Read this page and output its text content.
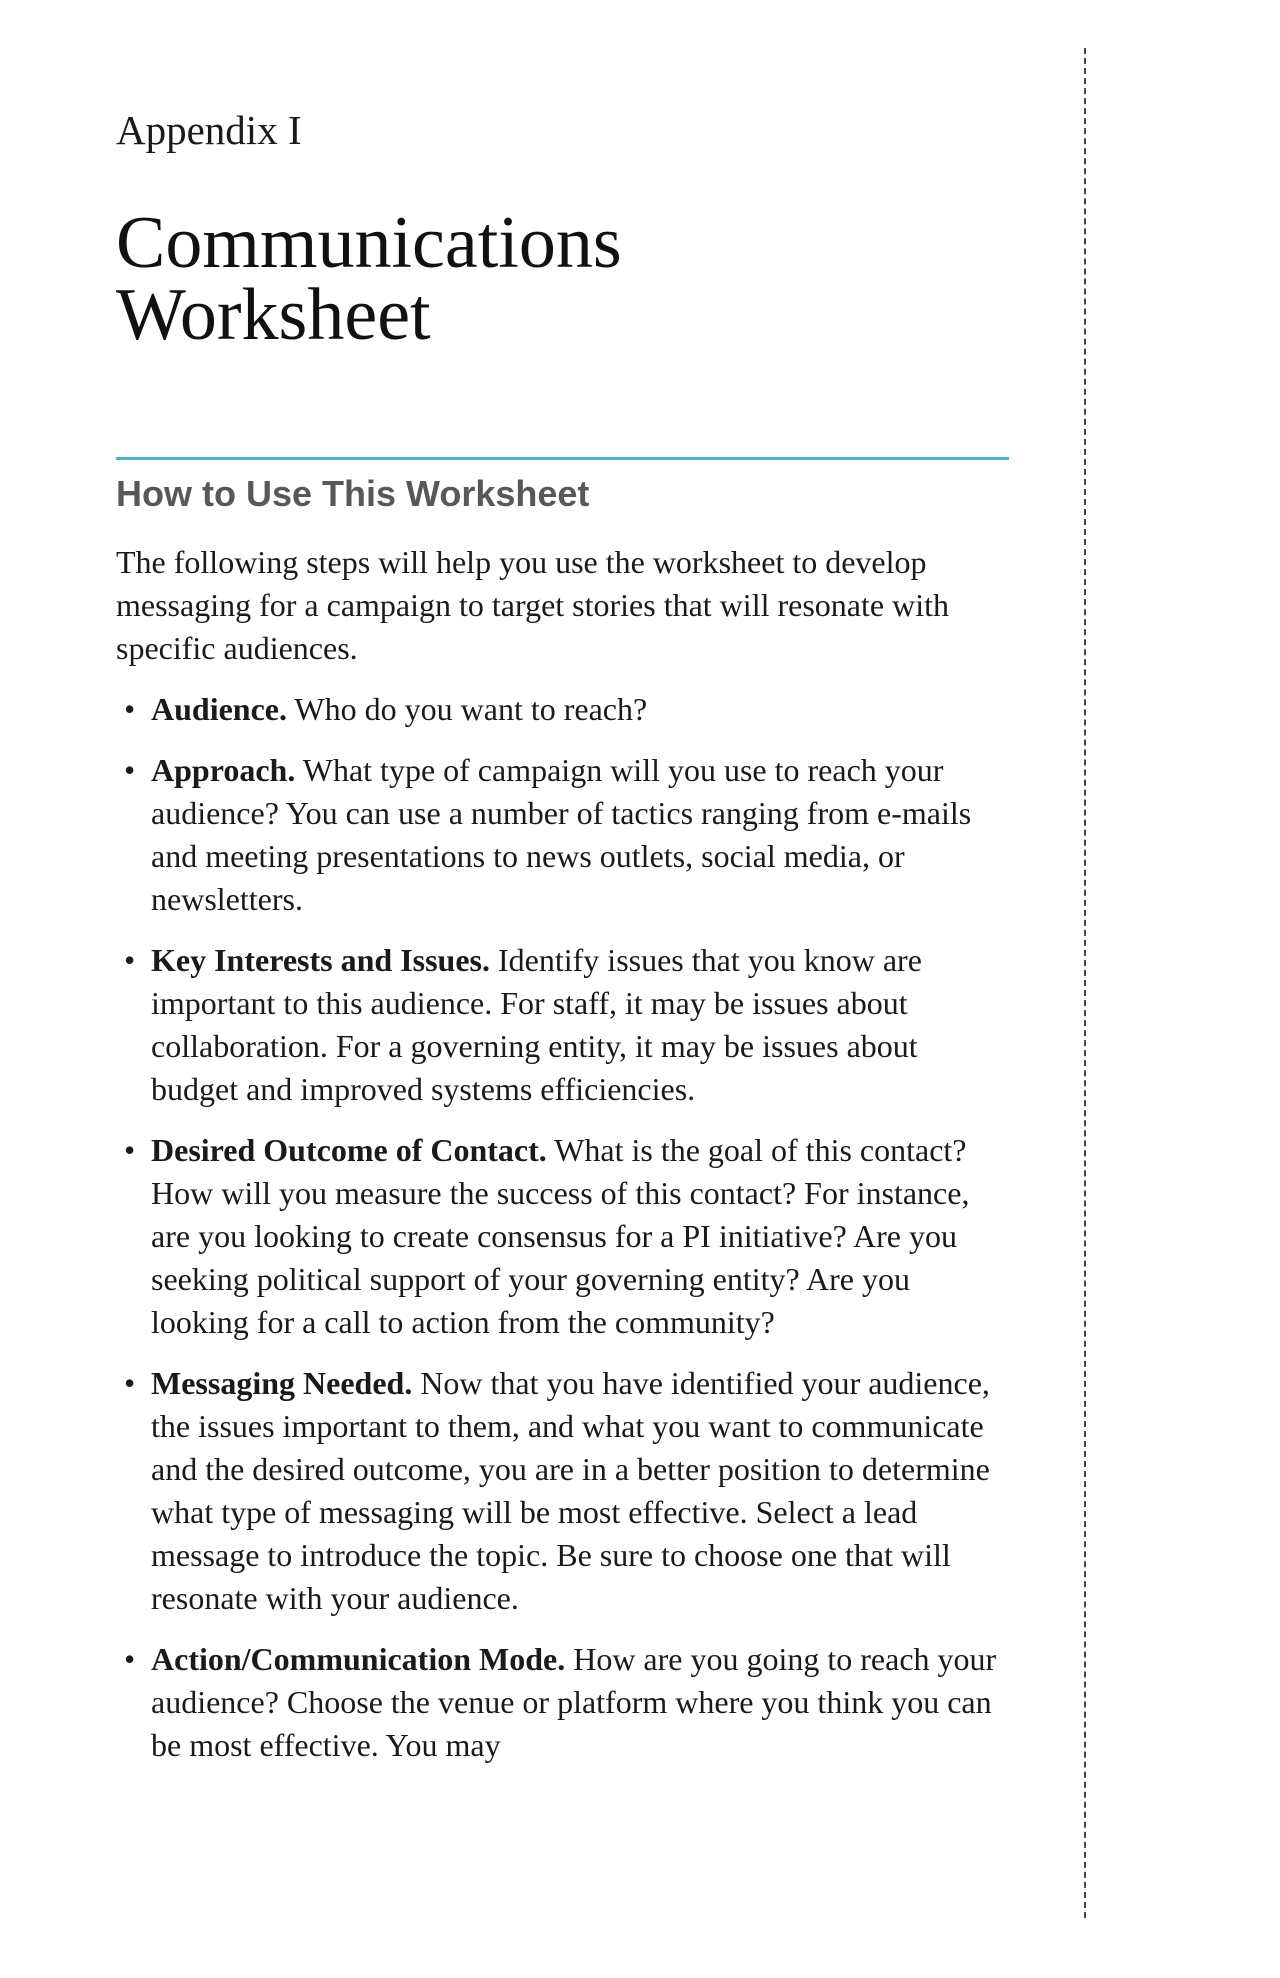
Appendix I
Communications
Worksheet
How to Use This Worksheet

The following steps will help you use the worksheet to develop messaging for a campaign to target stories that will resonate with specific audiences.

• Audience. Who do you want to reach?
• Approach. What type of campaign will you use to reach your audience? You can use a number of tactics ranging from e-mails and meeting presentations to news outlets, social media, or newsletters.
• Key Interests and Issues. Identify issues that you know are important to this audience. For staff, it may be issues about collaboration. For a governing entity, it may be issues about budget and improved systems efficiencies.
• Desired Outcome of Contact. What is the goal of this contact? How will you measure the success of this contact? For instance, are you looking to create consensus for a PI initiative? Are you seeking political support of your governing entity? Are you looking for a call to action from the community?
• Messaging Needed. Now that you have identified your audience, the issues important to them, and what you want to communicate and the desired outcome, you are in a better position to determine what type of messaging will be most effective. Select a lead message to introduce the topic. Be sure to choose one that will resonate with your audience.
• Action/Communication Mode. How are you going to reach your audience? Choose the venue or platform where you think you can be most effective. You may
